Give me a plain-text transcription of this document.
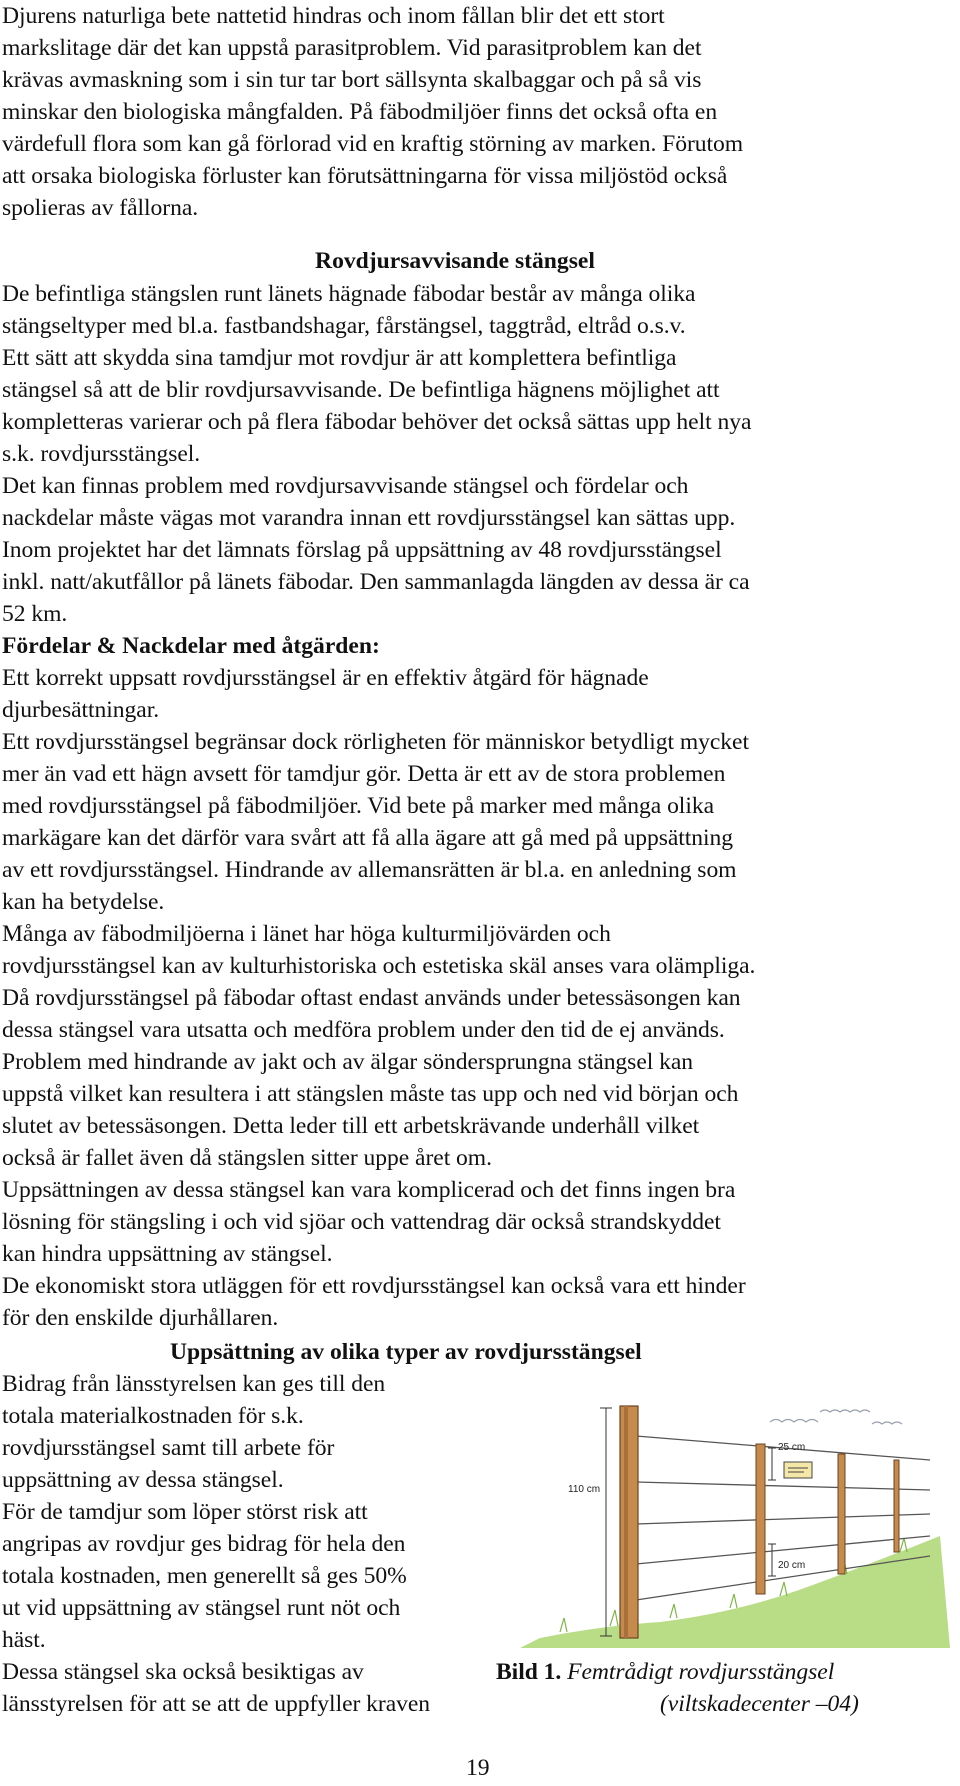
Djurens naturliga bete nattetid hindras och inom fållan blir det ett stort
markslitage där det kan uppstå parasitproblem. Vid parasitproblem kan det
krävas avmaskning som i sin tur tar bort sällsynta skalbaggar och på så vis
minskar den biologiska mångfalden. På fäbodmiljöer finns det också ofta en
värdefull flora som kan gå förlorad vid en kraftig störning av marken. Förutom
att orsaka biologiska förluster kan förutsättningarna för vissa miljöstöd också
spolieras av fållorna.
Rovdjursavvisande stängsel
De befintliga stängslen runt länets hägnade fäbodar består av många olika
stängseltyper med bl.a. fastbandshagar, fårstängsel, taggtråd, eltråd o.s.v.
Ett sätt att skydda sina tamdjur mot rovdjur är att komplettera befintliga
stängsel så att de blir rovdjursavvisande. De befintliga hägnens möjlighet att
kompletteras varierar och på flera fäbodar behöver det också sättas upp helt nya
s.k. rovdjursstängsel.
Det kan finnas problem med rovdjursavvisande stängsel och fördelar och
nackdelar måste vägas mot varandra innan ett rovdjursstängsel kan sättas upp.
Inom projektet har det lämnats förslag på uppsättning av 48 rovdjursstängsel
inkl. natt/akutfållor på länets fäbodar. Den sammanlagda längden av dessa är ca
52 km.
Fördelar & Nackdelar med åtgärden:
Ett korrekt uppsatt rovdjursstängsel är en effektiv åtgärd för hägnade
djurbesättningar.
Ett rovdjursstängsel begränsar dock rörligheten för människor betydligt mycket
mer än vad ett hägn avsett för tamdjur gör. Detta är ett av de stora problemen
med rovdjursstängsel på fäbodmiljöer. Vid bete på marker med många olika
markägare kan det därför vara svårt att få alla ägare att gå med på uppsättning
av ett rovdjursstängsel. Hindrande av allemansrätten är bl.a. en anledning som
kan ha betydelse.
Många av fäbodmiljöerna i länet har höga kulturmiljövärden och
rovdjursstängsel kan av kulturhistoriska och estetiska skäl anses vara olämpliga.
Då rovdjursstängsel på fäbodar oftast endast används under betessäsongen kan
dessa stängsel vara utsatta och medföra problem under den tid de ej används.
Problem med hindrande av jakt och av älgar söndersprungna stängsel kan
uppstå vilket kan resultera i att stängslen måste tas upp och ned vid början och
slutet av betessäsongen. Detta leder till ett arbetskrävande underhåll vilket
också är fallet även då stängslen sitter uppe året om.
Uppsättningen av dessa stängsel kan vara komplicerad och det finns ingen bra
lösning för stängsling i och vid sjöar och vattendrag där också strandskyddet
kan hindra uppsättning av stängsel.
De ekonomiskt stora utläggen för ett rovdjursstängsel kan också vara ett hinder
för den enskilde djurhållaren.
Uppsättning av olika typer av rovdjursstängsel
Bidrag från länsstyrelsen kan ges till den
totala materialkostnaden för s.k.
rovdjursstängsel samt till arbete för
uppsättning av dessa stängsel.
För de tamdjur som löper störst risk att
angripas av rovdjur ges bidrag för hela den
totala kostnaden, men generellt så ges 50%
ut vid uppsättning av stängsel runt nöt och
häst.
Dessa stängsel ska också besiktigas av
länsstyrelsen för att se att de uppfyller kraven
110 cm
25 cm
20 cm
Bild 1. Femtrådigt rovdjursstängsel
(viltskadecenter –04)
19
